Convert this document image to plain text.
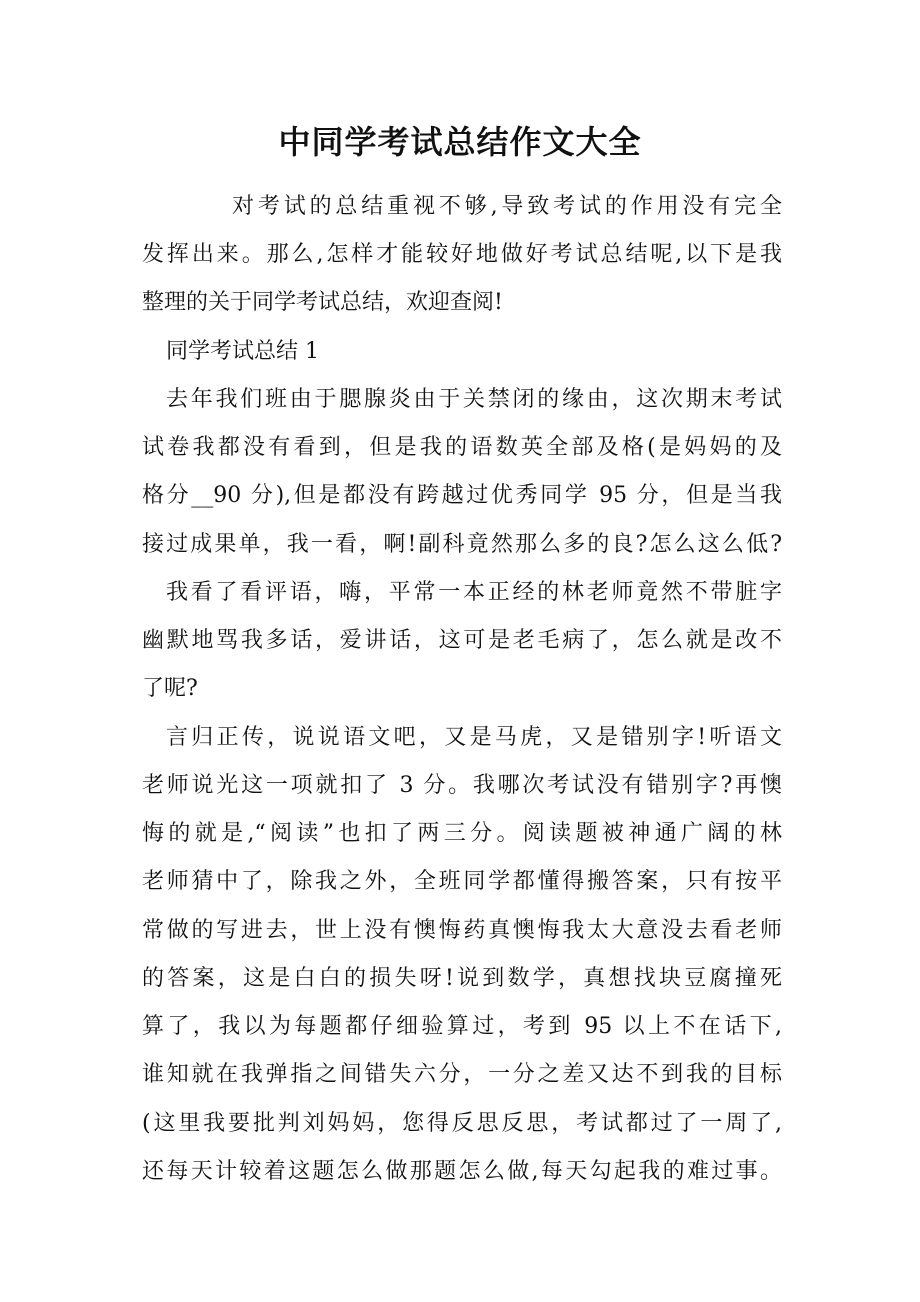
中同学考试总结作文大全

对考试的总结重视不够,导致考试的作用没有完全

发挥出来。那么,怎样才能较好地做好考试总结呢,以下是我

整理的关于同学考试总结，欢迎查阅!

同学考试总结 1

去年我们班由于腮腺炎由于关禁闭的缘由，这次期末考试

试卷我都没有看到，但是我的语数英全部及格(是妈妈的及

格分__90 分),但是都没有跨越过优秀同学 95 分，但是当我

接过成果单，我一看，啊!副科竟然那么多的良?怎么这么低?

我看了看评语，嗨，平常一本正经的林老师竟然不带脏字

幽默地骂我多话，爱讲话，这可是老毛病了，怎么就是改不

了呢?

言归正传，说说语文吧，又是马虎，又是错别字!听语文

老师说光这一项就扣了 3 分。我哪次考试没有错别字?再懊

悔的就是,“阅读”也扣了两三分。阅读题被神通广阔的林

老师猜中了，除我之外，全班同学都懂得搬答案，只有按平

常做的写进去，世上没有懊悔药真懊悔我太大意没去看老师

的答案，这是白白的损失呀!说到数学，真想找块豆腐撞死

算了，我以为每题都仔细验算过，考到 95 以上不在话下,

谁知就在我弹指之间错失六分，一分之差又达不到我的目标

(这里我要批判刘妈妈，您得反思反思，考试都过了一周了,

还每天计较着这题怎么做那题怎么做,每天勾起我的难过事。
